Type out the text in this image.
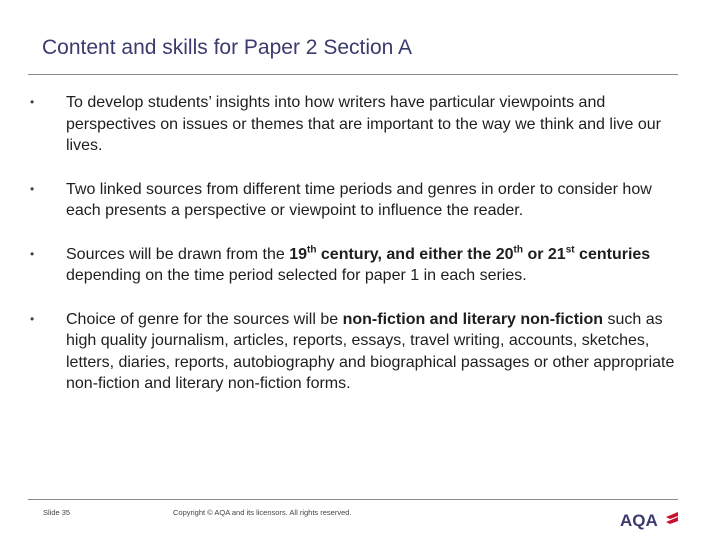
Content and skills for Paper 2 Section A
•	To develop students’ insights into how writers have particular viewpoints and perspectives on issues or themes that are important to the way we think and live our lives.
•	Two linked sources from different time periods and genres in order to consider how each presents a perspective or viewpoint to influence the reader.
•	Sources will be drawn from the 19th century, and either the 20th or 21st centuries depending on the time period selected for paper 1 in each series.
•	Choice of genre for the sources will be non-fiction and literary non-fiction such as high quality journalism, articles, reports, essays, travel writing, accounts, sketches, letters, diaries, reports, autobiography and biographical passages or other appropriate non-fiction and literary non-fiction forms.
Slide 35	Copyright © AQA and its licensors. All rights reserved.	AQA
